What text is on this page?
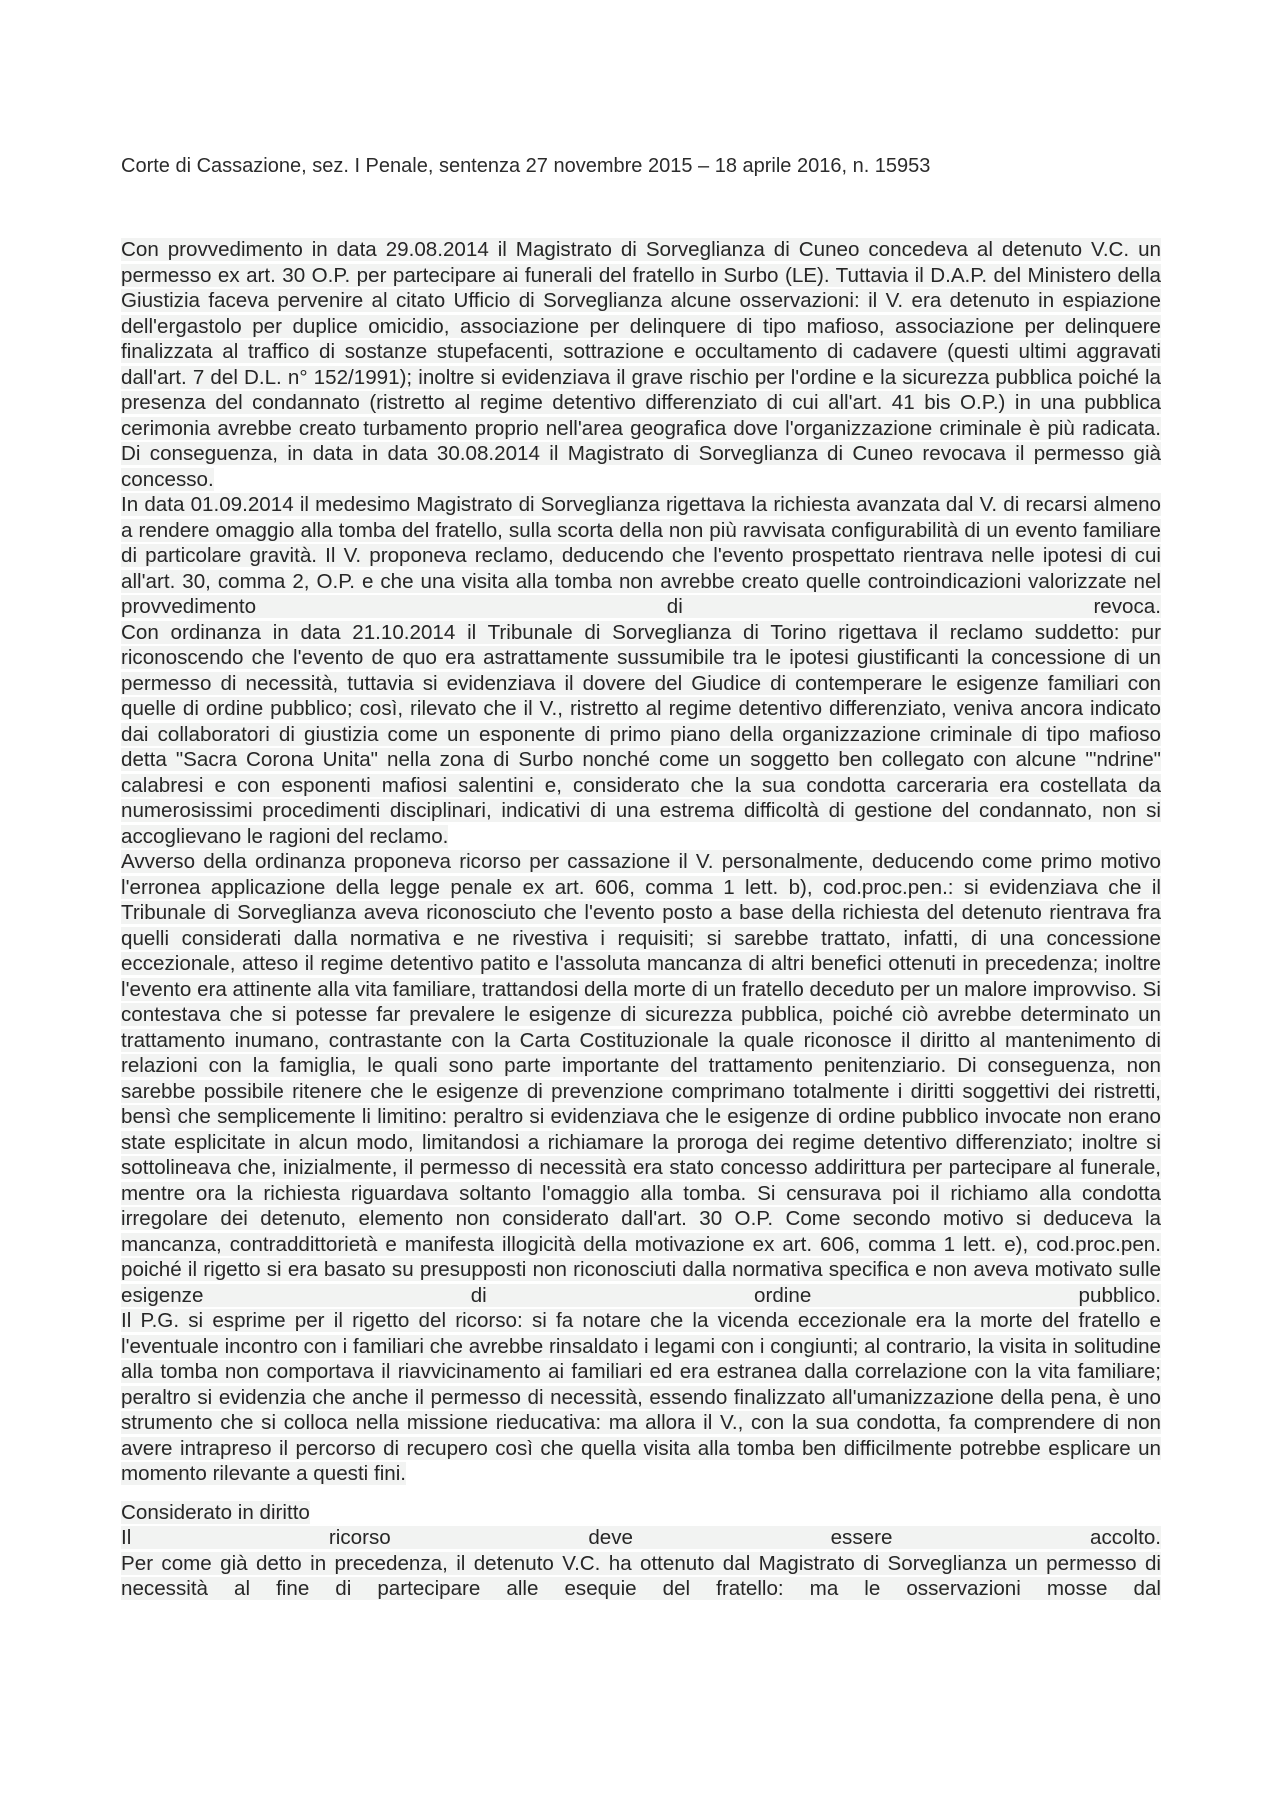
Corte di Cassazione, sez. I Penale, sentenza 27 novembre 2015 – 18 aprile 2016, n. 15953

Con provvedimento in data 29.08.2014 il Magistrato di Sorveglianza di Cuneo concedeva al detenuto V.C. un permesso ex art. 30 O.P. per partecipare ai funerali del fratello in Surbo (LE). Tuttavia il D.A.P. del Ministero della Giustizia faceva pervenire al citato Ufficio di Sorveglianza alcune osservazioni: il V. era detenuto in espiazione dell'ergastolo per duplice omicidio, associazione per delinquere di tipo mafioso, associazione per delinquere finalizzata al traffico di sostanze stupefacenti, sottrazione e occultamento di cadavere (questi ultimi aggravati dall'art. 7 del D.L. n° 152/1991); inoltre si evidenziava il grave rischio per l'ordine e la sicurezza pubblica poiché la presenza del condannato (ristretto al regime detentivo differenziato di cui all'art. 41 bis O.P.) in una pubblica cerimonia avrebbe creato turbamento proprio nell'area geografica dove l'organizzazione criminale è più radicata.

Di conseguenza, in data in data 30.08.2014 il Magistrato di Sorveglianza di Cuneo revocava il permesso già concesso.

In data 01.09.2014 il medesimo Magistrato di Sorveglianza rigettava la richiesta avanzata dal V. di recarsi almeno a rendere omaggio alla tomba del fratello, sulla scorta della non più ravvisata configurabilità di un evento familiare di particolare gravità. Il V. proponeva reclamo, deducendo che l'evento prospettato rientrava nelle ipotesi di cui all'art. 30, comma 2, O.P. e che una visita alla tomba non avrebbe creato quelle controindicazioni valorizzate nel provvedimento di revoca.

Con ordinanza in data 21.10.2014 il Tribunale di Sorveglianza di Torino rigettava il reclamo suddetto: pur riconoscendo che l'evento de quo era astrattamente sussumibile tra le ipotesi giustificanti la concessione di un permesso di necessità, tuttavia si evidenziava il dovere del Giudice di contemperare le esigenze familiari con quelle di ordine pubblico; così, rilevato che il V., ristretto al regime detentivo differenziato, veniva ancora indicato dai collaboratori di giustizia come un esponente di primo piano della organizzazione criminale di tipo mafioso detta "Sacra Corona Unita" nella zona di Surbo nonché come un soggetto ben collegato con alcune '"ndrine" calabresi e con esponenti mafiosi salentini e, considerato che la sua condotta carceraria era costellata da numerosissimi procedimenti disciplinari, indicativi di una estrema difficoltà di gestione del condannato, non si accoglievano le ragioni del reclamo.

Avverso della ordinanza proponeva ricorso per cassazione il V. personalmente, deducendo come primo motivo l'erronea applicazione della legge penale ex art. 606, comma 1 lett. b), cod.proc.pen.: si evidenziava che il Tribunale di Sorveglianza aveva riconosciuto che l'evento posto a base della richiesta del detenuto rientrava fra quelli considerati dalla normativa e ne rivestiva i requisiti; si sarebbe trattato, infatti, di una concessione eccezionale, atteso il regime detentivo patito e l'assoluta mancanza di altri benefici ottenuti in precedenza; inoltre l'evento era attinente alla vita familiare, trattandosi della morte di un fratello deceduto per un malore improvviso. Si contestava che si potesse far prevalere le esigenze di sicurezza pubblica, poiché ciò avrebbe determinato un trattamento inumano, contrastante con la Carta Costituzionale la quale riconosce il diritto al mantenimento di relazioni con la famiglia, le quali sono parte importante del trattamento penitenziario. Di conseguenza, non sarebbe possibile ritenere che le esigenze di prevenzione comprimano totalmente i diritti soggettivi dei ristretti, bensì che semplicemente li limitino: peraltro si evidenziava che le esigenze di ordine pubblico invocate non erano state esplicitate in alcun modo, limitandosi a richiamare la proroga dei regime detentivo differenziato; inoltre si sottolineava che, inizialmente, il permesso di necessità era stato concesso addirittura per partecipare al funerale, mentre ora la richiesta riguardava soltanto l'omaggio alla tomba. Si censurava poi il richiamo alla condotta irregolare dei detenuto, elemento non considerato dall'art. 30 O.P. Come secondo motivo si deduceva la mancanza, contraddittorietà e manifesta illogicità della motivazione ex art. 606, comma 1 lett. e), cod.proc.pen. poiché il rigetto si era basato su presupposti non riconosciuti dalla normativa specifica e non aveva motivato sulle esigenze di ordine pubblico.

Il P.G. si esprime per il rigetto del ricorso: si fa notare che la vicenda eccezionale era la morte del fratello e l'eventuale incontro con i familiari che avrebbe rinsaldato i legami con i congiunti; al contrario, la visita in solitudine alla tomba non comportava il riavvicinamento ai familiari ed era estranea dalla correlazione con la vita familiare; peraltro si evidenzia che anche il permesso di necessità, essendo finalizzato all'umanizzazione della pena, è uno strumento che si colloca nella missione rieducativa: ma allora il V., con la sua condotta, fa comprendere di non avere intrapreso il percorso di recupero così che quella visita alla tomba ben difficilmente potrebbe esplicare un momento rilevante a questi fini.

Considerato in diritto

Il ricorso deve essere accolto.

Per come già detto in precedenza, il detenuto V.C. ha ottenuto dal Magistrato di Sorveglianza un permesso di necessità al fine di partecipare alle esequie del fratello: ma le osservazioni mosse dal
